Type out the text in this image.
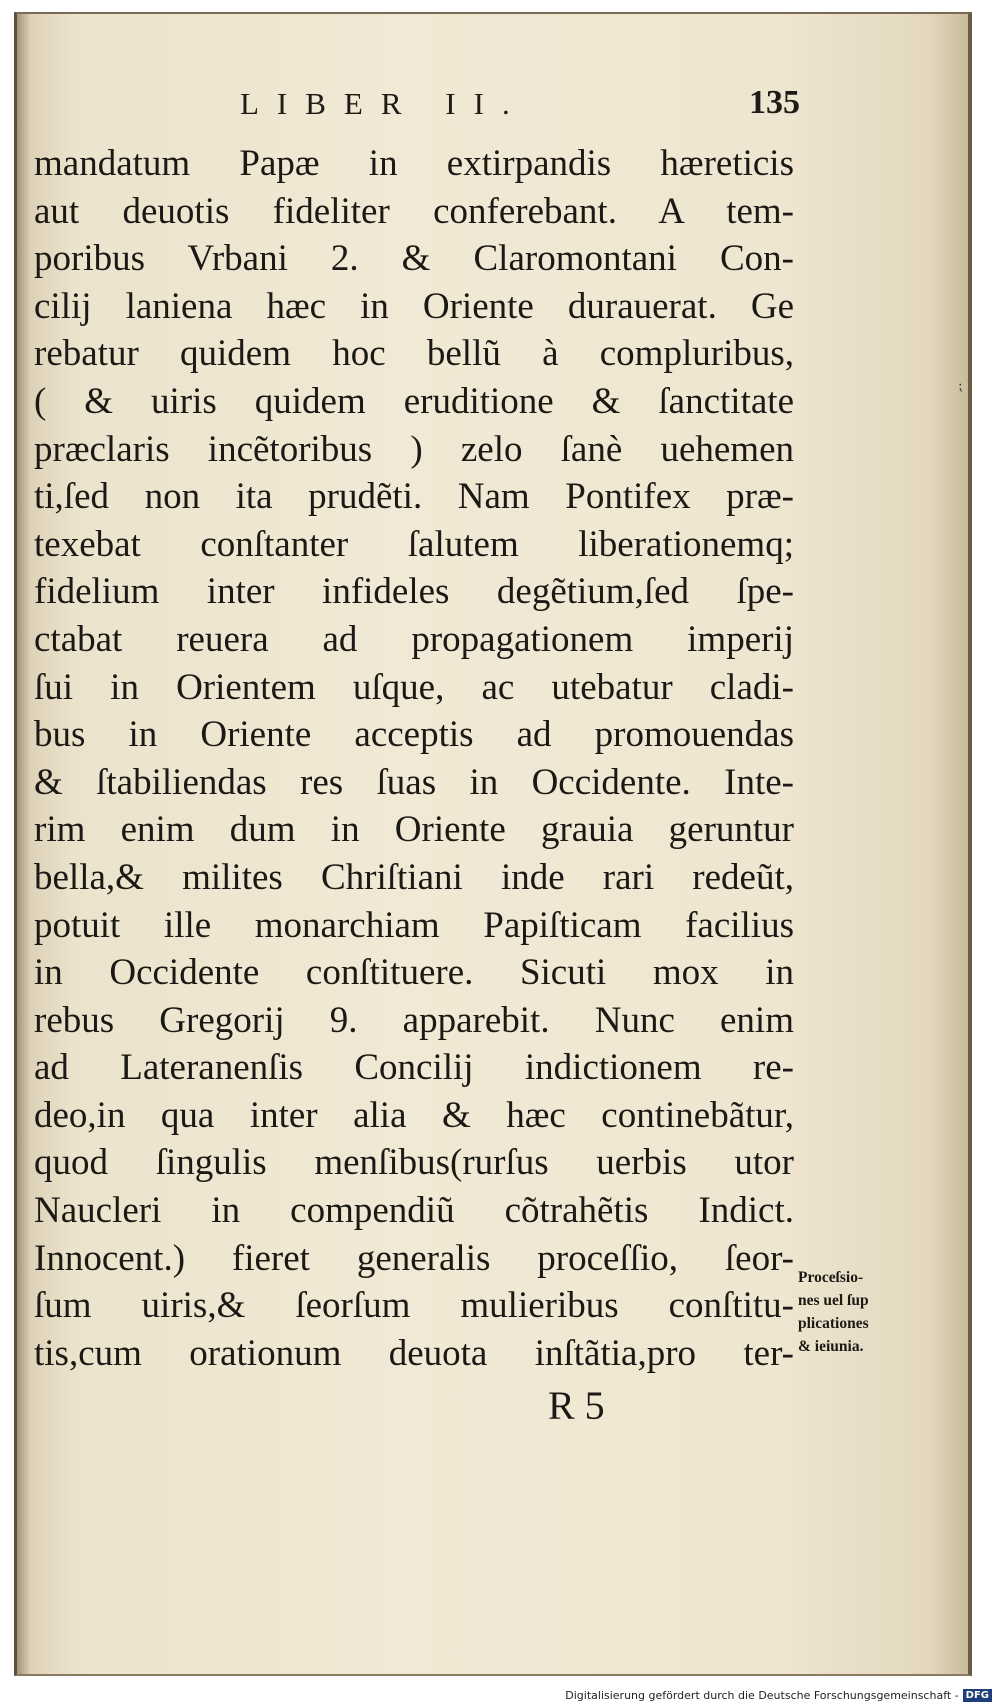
LIBER II.	135
mandatum Papæ in extirpandis hæreticis
aut deuotis fideliter conferebant. A tem-
poribus Vrbani 2. & Claromontani Con-
cilij laniena hæc in Oriente durauerat. Ge
rebatur quidem hoc bellũ à compluribus,
( & uiris quidem eruditione & ſanctitate
præclaris incẽtoribus ) zelo ſanè uehemen
ti,ſed non ita prudẽti. Nam Pontifex præ-
texebat conſtanter ſalutem liberationemq;
fidelium inter infideles degẽtium,ſed ſpe-
ctabat reuera ad propagationem imperij
ſui in Orientem uſque, ac utebatur cladi-
bus in Oriente acceptis ad promouendas
& ſtabiliendas res ſuas in Occidente. Inte-
rim enim dum in Oriente grauia geruntur
bella,& milites Chriſtiani inde rari redeũt,
potuit ille monarchiam Papiſticam facilius
in Occidente conſtituere. Sicuti mox in
rebus Gregorij 9. apparebit. Nunc enim
ad Lateranenſis Concilij indictionem re-
deo,in qua inter alia & hæc continebãtur,
quod ſingulis menſibus(rurſus uerbis utor
Naucleri in compendiũ cõtrahẽtis Indict.
Innocent.) fieret generalis proceſſio, ſeor-
ſum uiris,& ſeorſum mulieribus conſtitu-
tis,cum orationum deuota inſtãtia,pro ter-
Proceſsio-
nes uel ſup
plicationes
& ieiunia.
R 5
⁏
Digitalisierung gefördert durch die Deutsche Forschungsgemeinschaft - DFG
